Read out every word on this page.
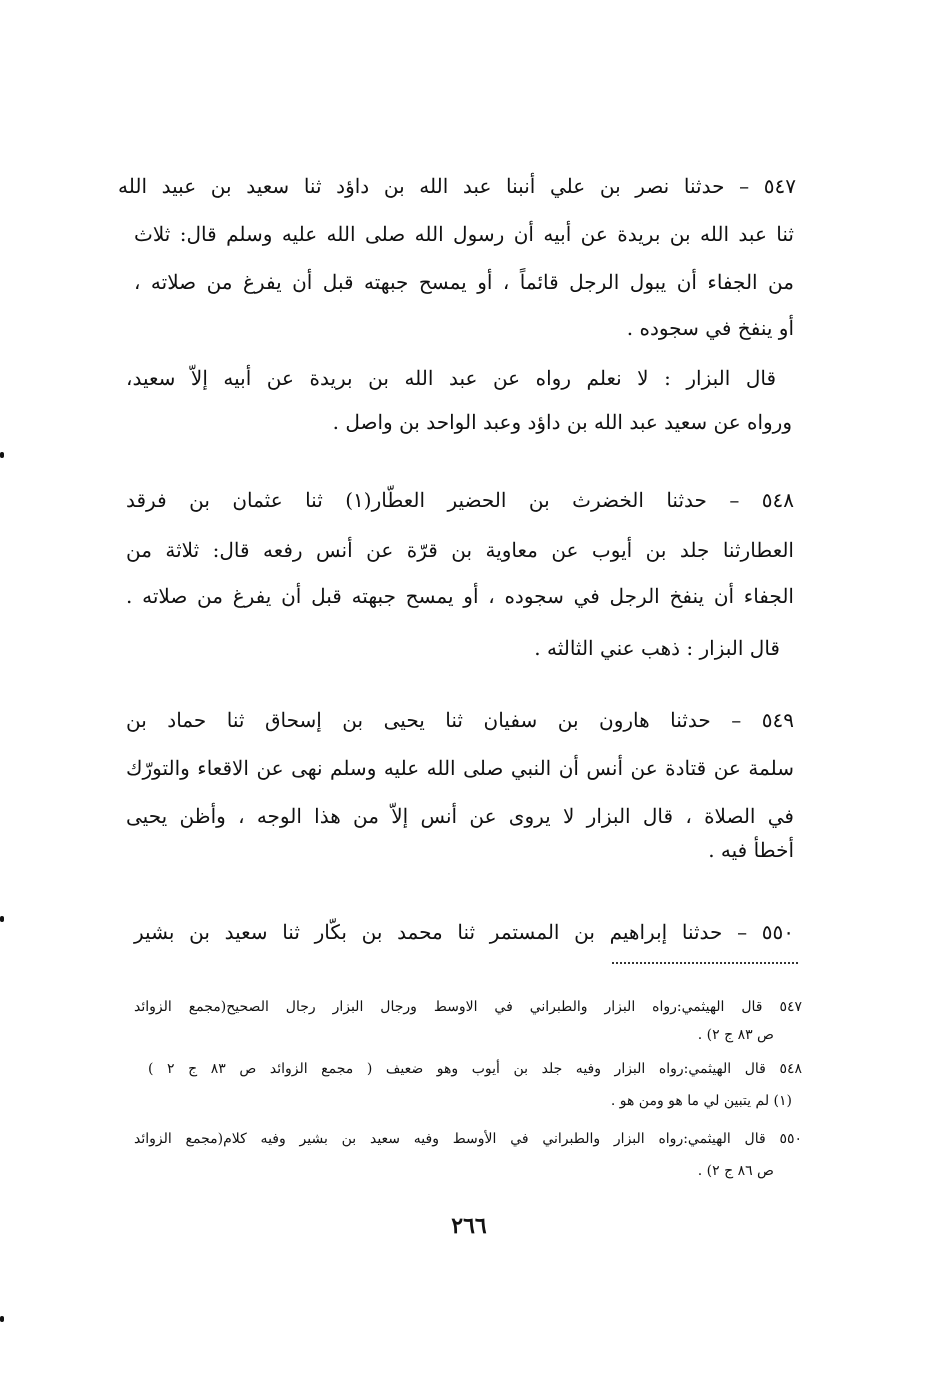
٥٤٧ – حدثنا نصر بن علي أنبنا عبد الله بن داؤد ثنا سعيد بن عبيد الله

ثنا عبد الله بن بريدة عن أبيه أن رسول الله صلى الله عليه وسلم قال: ثلاث

من الجفاء أن يبول الرجل قائماً ، أو يمسح جبهته قبل أن يفرغ من صلاته ،

أو ينفخ في سجوده .

قال البزار : لا نعلم رواه عن عبد الله بن بريدة عن أبيه إلاّ سعيد،

ورواه عن سعيد عبد الله بن داؤد وعبد الواحد بن واصل .

٥٤٨ – حدثنا الخضرث بن الحضير العطّار(١) ثنا عثمان بن فرقد

العطارثنا جلد بن أيوب عن معاوية بن قرّة عن أنس رفعه قال: ثلاثة من

الجفاء أن ينفخ الرجل في سجوده ، أو يمسح جبهته قبل أن يفرغ من صلاته .

قال البزار : ذهب عني الثالثه .

٥٤٩ – حدثنا هارون بن سفيان ثنا يحيى بن إسحاق ثنا حماد بن

سلمة عن قتادة عن أنس أن النبي صلى الله عليه وسلم نهى عن الاقعاء والتورّك

في الصلاة ، قال البزار لا يروى عن أنس إلاّ من هذا الوجه ، وأظن يحيى

أخطأ فيه .

٥٥٠ – حدثنا إبراهيم بن المستمر ثنا محمد بن بكّار ثنا سعيد بن بشير

٥٤٧ قال الهيثمي:رواه البزار والطبراني في الاوسط ورجال البزار رجال الصحيح(مجمع الزوائد

ص ٨٣ ج ٢) .

٥٤٨ قال الهيثمي:رواه البزار وفيه جلد بن أيوب وهو ضعيف ( مجمع الزوائد ص ٨٣ ج ٢ )

(١) لم يتبين لي ما هو ومن هو .

٥٥٠ قال الهيثمي:رواه البزار والطبراني في الأوسط وفيه سعيد بن بشير وفيه كلام(مجمع الزوائد

ص ٨٦ ج ٢) .

٢٦٦
